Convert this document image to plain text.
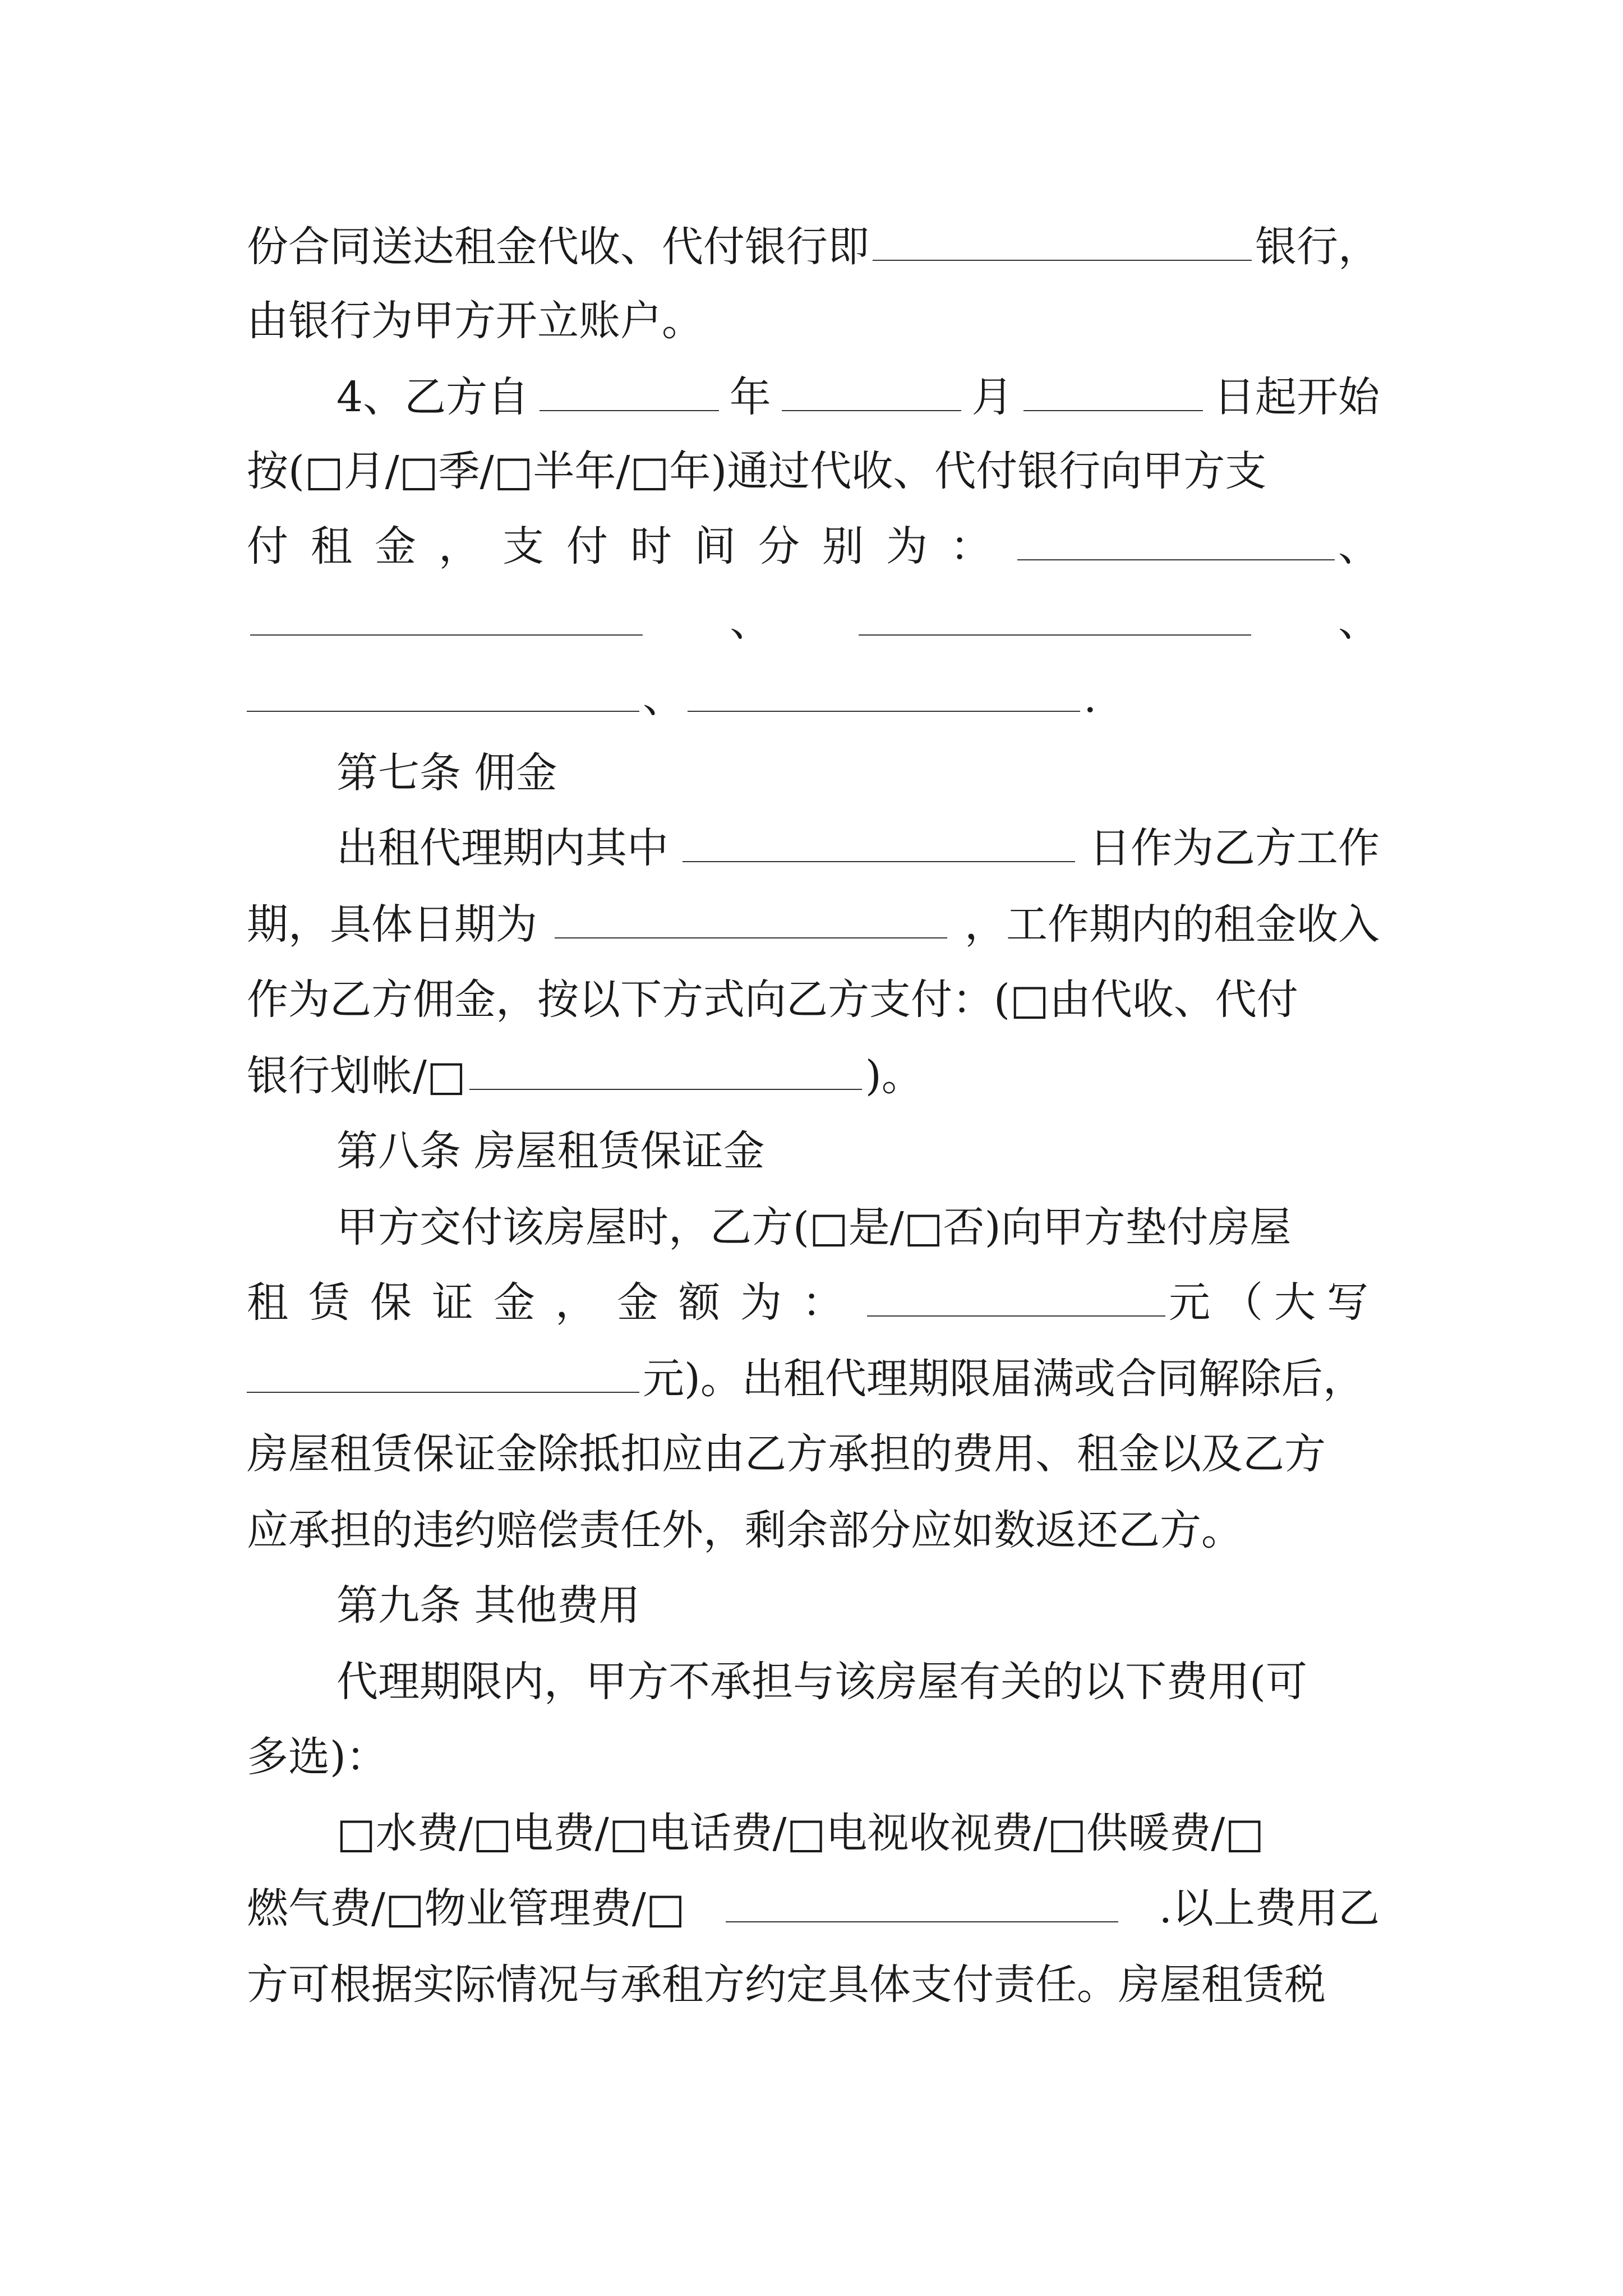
份合同送达租金代收、代付银行即	银行，
由银行为甲方开立账户。
4、乙方自	年	月	日起开始
按(□月/□季/□半年/□年)通过代收、代付银行向甲方支
付租金，支付时间分别为：	、
、	、
、	.
第七条 佣金
出租代理期内其中	日作为乙方工作
期，具体日期为	，工作期内的租金收入
作为乙方佣金，按以下方式向乙方支付：(□由代收、代付
银行划帐/□	)。
第八条 房屋租赁保证金
甲方交付该房屋时，乙方(□是/□否)向甲方垫付房屋
租赁保证金，金额为：	元（大写
元)。出租代理期限届满或合同解除后，
房屋租赁保证金除抵扣应由乙方承担的费用、租金以及乙方
应承担的违约赔偿责任外，剩余部分应如数返还乙方。
第九条 其他费用
代理期限内，甲方不承担与该房屋有关的以下费用(可
多选)：
□水费/□电费/□电话费/□电视收视费/□供暖费/□
燃气费/□物业管理费/□	.以上费用乙
方可根据实际情况与承租方约定具体支付责任。房屋租赁税
